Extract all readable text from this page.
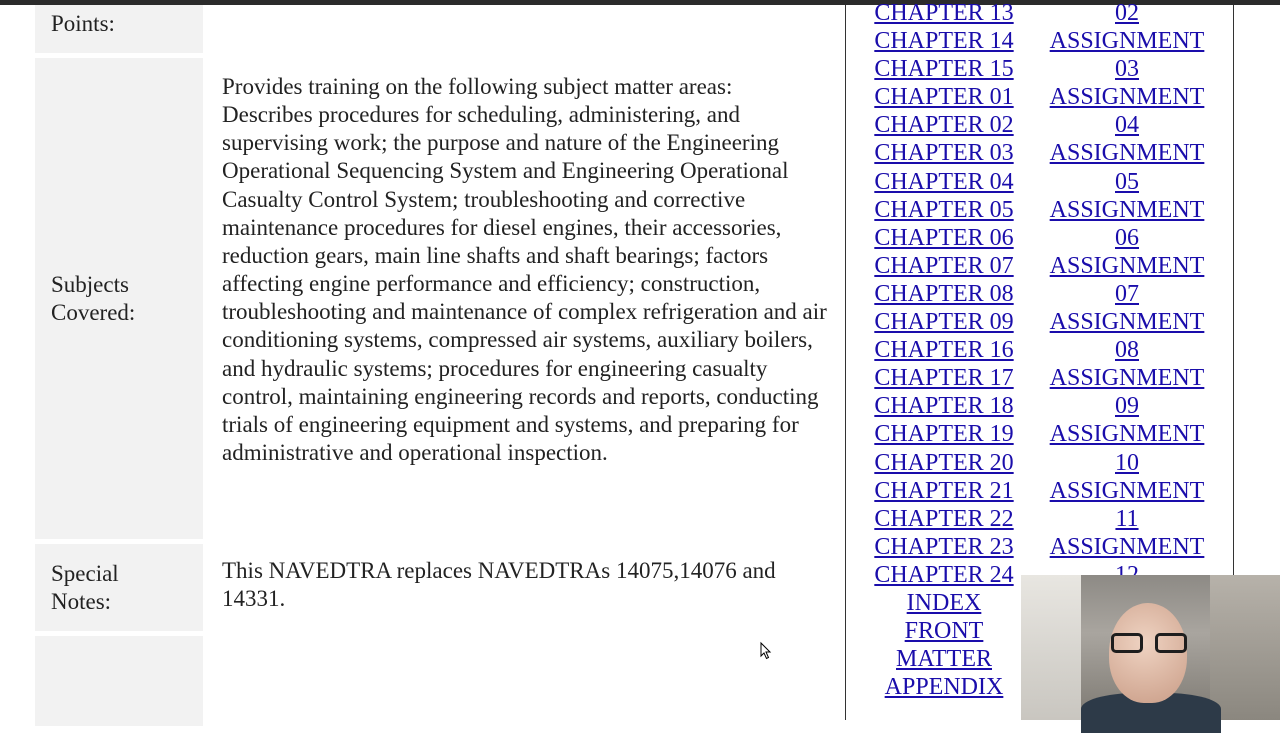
Points:
Subjects Covered:
Provides training on the following subject matter areas: Describes procedures for scheduling, administering, and supervising work; the purpose and nature of the Engineering Operational Sequencing System and Engineering Operational Casualty Control System; troubleshooting and corrective maintenance procedures for diesel engines, their accessories, reduction gears, main line shafts and shaft bearings; factors affecting engine performance and efficiency; construction, troubleshooting and maintenance of complex refrigeration and air conditioning systems, compressed air systems, auxiliary boilers, and hydraulic systems; procedures for engineering casualty control, maintaining engineering records and reports, conducting trials of engineering equipment and systems, and preparing for administrative and operational inspection.
Special Notes:
This NAVEDTRA replaces NAVEDTRAs 14075,14076 and 14331.
CHAPTER 13
CHAPTER 14
CHAPTER 15
CHAPTER 01
CHAPTER 02
CHAPTER 03
CHAPTER 04
CHAPTER 05
CHAPTER 06
CHAPTER 07
CHAPTER 08
CHAPTER 09
CHAPTER 16
CHAPTER 17
CHAPTER 18
CHAPTER 19
CHAPTER 20
CHAPTER 21
CHAPTER 22
CHAPTER 23
CHAPTER 24
INDEX
FRONT MATTER
APPENDIX
02
ASSIGNMENT
03
ASSIGNMENT
04
ASSIGNMENT
05
ASSIGNMENT
06
ASSIGNMENT
07
ASSIGNMENT
08
ASSIGNMENT
09
ASSIGNMENT
10
ASSIGNMENT
11
ASSIGNMENT
